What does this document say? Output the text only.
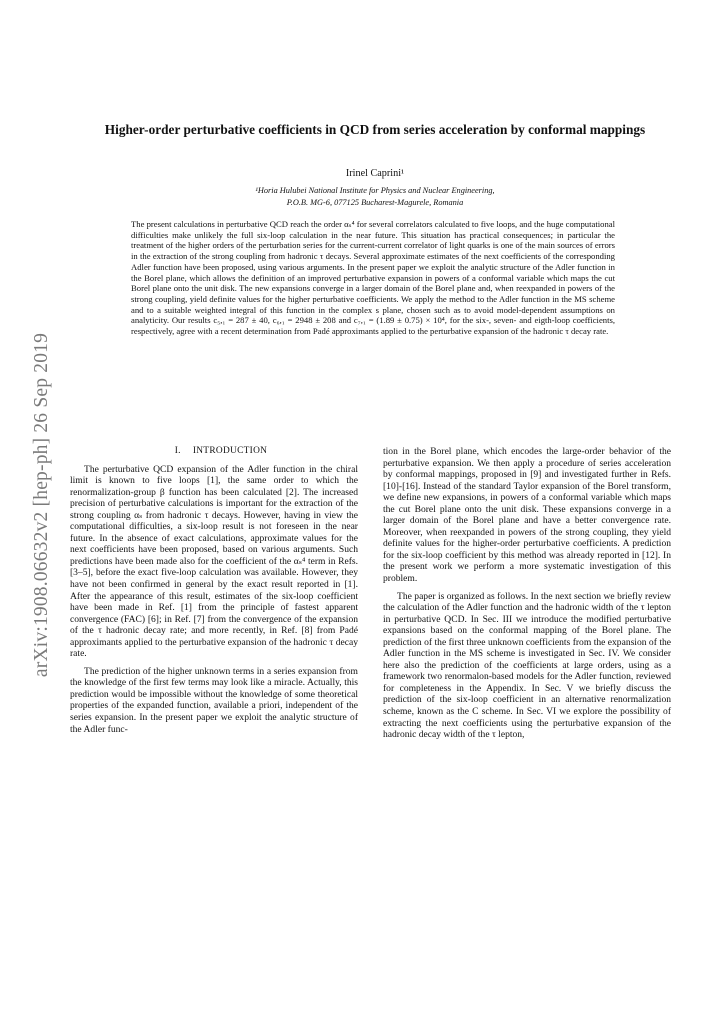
arXiv:1908.06632v2 [hep-ph] 26 Sep 2019
Higher-order perturbative coefficients in QCD from series acceleration by conformal mappings
Irinel Caprini¹
¹Horia Hulubei National Institute for Physics and Nuclear Engineering,
P.O.B. MG-6, 077125 Bucharest-Magurele, Romania
The present calculations in perturbative QCD reach the order αₛ⁴ for several correlators calculated to five loops, and the huge computational difficulties make unlikely the full six-loop calculation in the near future. This situation has practical consequences; in particular the treatment of the higher orders of the perturbation series for the current-current correlator of light quarks is one of the main sources of errors in the extraction of the strong coupling from hadronic τ decays. Several approximate estimates of the next coefficients of the corresponding Adler function have been proposed, using various arguments. In the present paper we exploit the analytic structure of the Adler function in the Borel plane, which allows the definition of an improved perturbative expansion in powers of a conformal variable which maps the cut Borel plane onto the unit disk. The new expansions converge in a larger domain of the Borel plane and, when reexpanded in powers of the strong coupling, yield definite values for the higher perturbative coefficients. We apply the method to the Adler function in the MS scheme and to a suitable weighted integral of this function in the complex s plane, chosen such as to avoid model-dependent assumptions on analyticity. Our results c₅,₁ = 287 ± 40, c₆,₁ = 2948 ± 208 and c₇,₁ = (1.89 ± 0.75) × 10⁴, for the six-, seven- and eigth-loop coefficients, respectively, agree with a recent determination from Padé approximants applied to the perturbative expansion of the hadronic τ decay rate.

I. INTRODUCTION

The perturbative QCD expansion of the Adler function in the chiral limit is known to five loops [1], the same order to which the renormalization-group β function has been calculated [2]. The increased precision of perturbative calculations is important for the extraction of the strong coupling αₛ from hadronic τ decays. However, having in view the computational difficulties, a six-loop result is not foreseen in the near future. In the absence of exact calculations, approximate values for the next coefficients have been proposed, based on various arguments. Such predictions have been made also for the coefficient of the αₛ⁴ term in Refs. [3–5], before the exact five-loop calculation was available. However, they have not been confirmed in general by the exact result reported in [1]. After the appearance of this result, estimates of the six-loop coefficient have been made in Ref. [1] from the principle of fastest apparent convergence (FAC) [6]; in Ref. [7] from the convergence of the expansion of the τ hadronic decay rate; and more recently, in Ref. [8] from Padé approximants applied to the perturbative expansion of the hadronic τ decay rate.

The prediction of the higher unknown terms in a series expansion from the knowledge of the first few terms may look like a miracle. Actually, this prediction would be impossible without the knowledge of some theoretical properties of the expanded function, available a priori, independent of the series expansion. In the present paper we exploit the analytic structure of the Adler func-

tion in the Borel plane, which encodes the large-order behavior of the perturbative expansion. We then apply a procedure of series acceleration by conformal mappings, proposed in [9] and investigated further in Refs. [10]-[16]. Instead of the standard Taylor expansion of the Borel transform, we define new expansions, in powers of a conformal variable which maps the cut Borel plane onto the unit disk. These expansions converge in a larger domain of the Borel plane and have a better convergence rate. Moreover, when reexpanded in powers of the strong coupling, they yield definite values for the higher-order perturbative coefficients. A prediction for the six-loop coefficient by this method was already reported in [12]. In the present work we perform a more systematic investigation of this problem.

The paper is organized as follows. In the next section we briefly review the calculation of the Adler function and the hadronic width of the τ lepton in perturbative QCD. In Sec. III we introduce the modified perturbative expansions based on the conformal mapping of the Borel plane. The prediction of the first three unknown coefficients from the expansion of the Adler function in the MS scheme is investigated in Sec. IV. We consider here also the prediction of the coefficients at large orders, using as a framework two renormalon-based models for the Adler function, reviewed for completeness in the Appendix. In Sec. V we briefly discuss the prediction of the six-loop coefficient in an alternative renormalization scheme, known as the C scheme. In Sec. VI we explore the possibility of extracting the next coefficients using the perturbative expansion of the hadronic decay width of the τ lepton,
